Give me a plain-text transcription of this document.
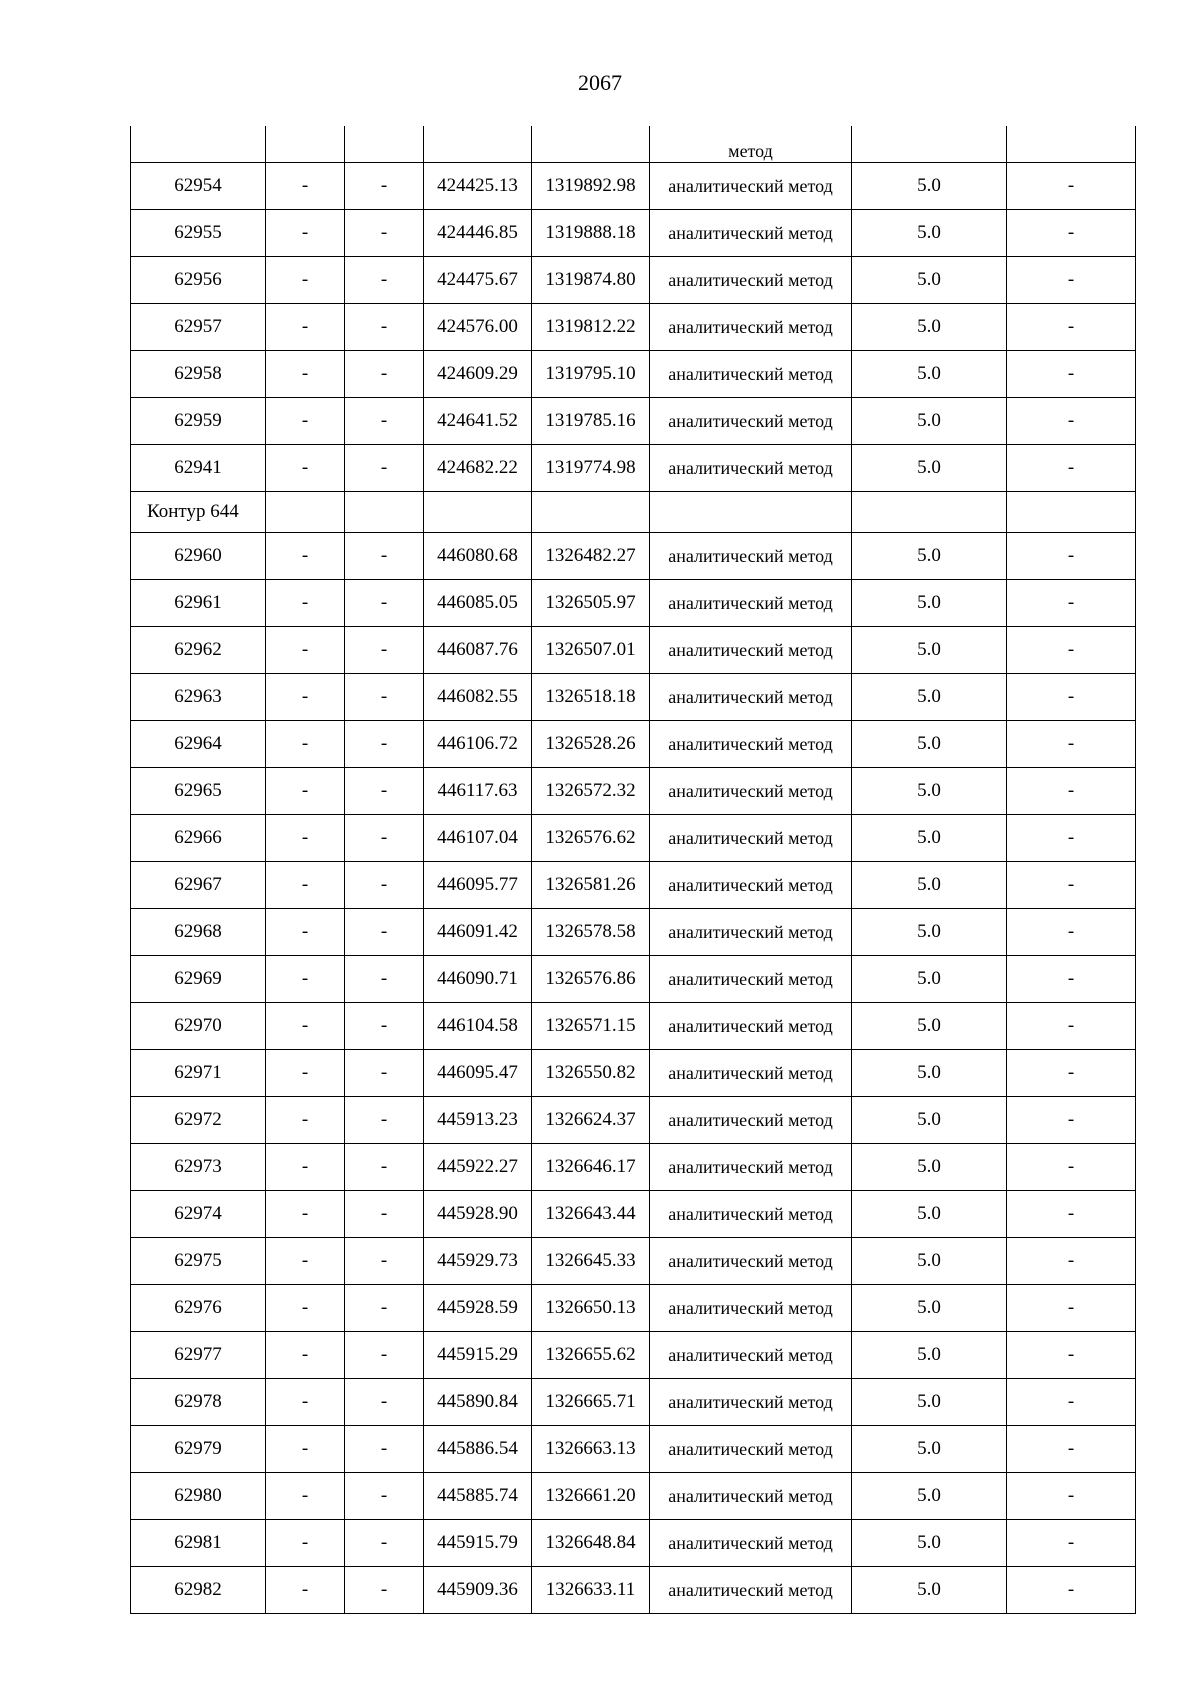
2067
					метод		
62954	-	-	424425.13	1319892.98	аналитический метод	5.0	-
62955	-	-	424446.85	1319888.18	аналитический метод	5.0	-
62956	-	-	424475.67	1319874.80	аналитический метод	5.0	-
62957	-	-	424576.00	1319812.22	аналитический метод	5.0	-
62958	-	-	424609.29	1319795.10	аналитический метод	5.0	-
62959	-	-	424641.52	1319785.16	аналитический метод	5.0	-
62941	-	-	424682.22	1319774.98	аналитический метод	5.0	-
Контур 644							
62960	-	-	446080.68	1326482.27	аналитический метод	5.0	-
62961	-	-	446085.05	1326505.97	аналитический метод	5.0	-
62962	-	-	446087.76	1326507.01	аналитический метод	5.0	-
62963	-	-	446082.55	1326518.18	аналитический метод	5.0	-
62964	-	-	446106.72	1326528.26	аналитический метод	5.0	-
62965	-	-	446117.63	1326572.32	аналитический метод	5.0	-
62966	-	-	446107.04	1326576.62	аналитический метод	5.0	-
62967	-	-	446095.77	1326581.26	аналитический метод	5.0	-
62968	-	-	446091.42	1326578.58	аналитический метод	5.0	-
62969	-	-	446090.71	1326576.86	аналитический метод	5.0	-
62970	-	-	446104.58	1326571.15	аналитический метод	5.0	-
62971	-	-	446095.47	1326550.82	аналитический метод	5.0	-
62972	-	-	445913.23	1326624.37	аналитический метод	5.0	-
62973	-	-	445922.27	1326646.17	аналитический метод	5.0	-
62974	-	-	445928.90	1326643.44	аналитический метод	5.0	-
62975	-	-	445929.73	1326645.33	аналитический метод	5.0	-
62976	-	-	445928.59	1326650.13	аналитический метод	5.0	-
62977	-	-	445915.29	1326655.62	аналитический метод	5.0	-
62978	-	-	445890.84	1326665.71	аналитический метод	5.0	-
62979	-	-	445886.54	1326663.13	аналитический метод	5.0	-
62980	-	-	445885.74	1326661.20	аналитический метод	5.0	-
62981	-	-	445915.79	1326648.84	аналитический метод	5.0	-
62982	-	-	445909.36	1326633.11	аналитический метод	5.0	-
